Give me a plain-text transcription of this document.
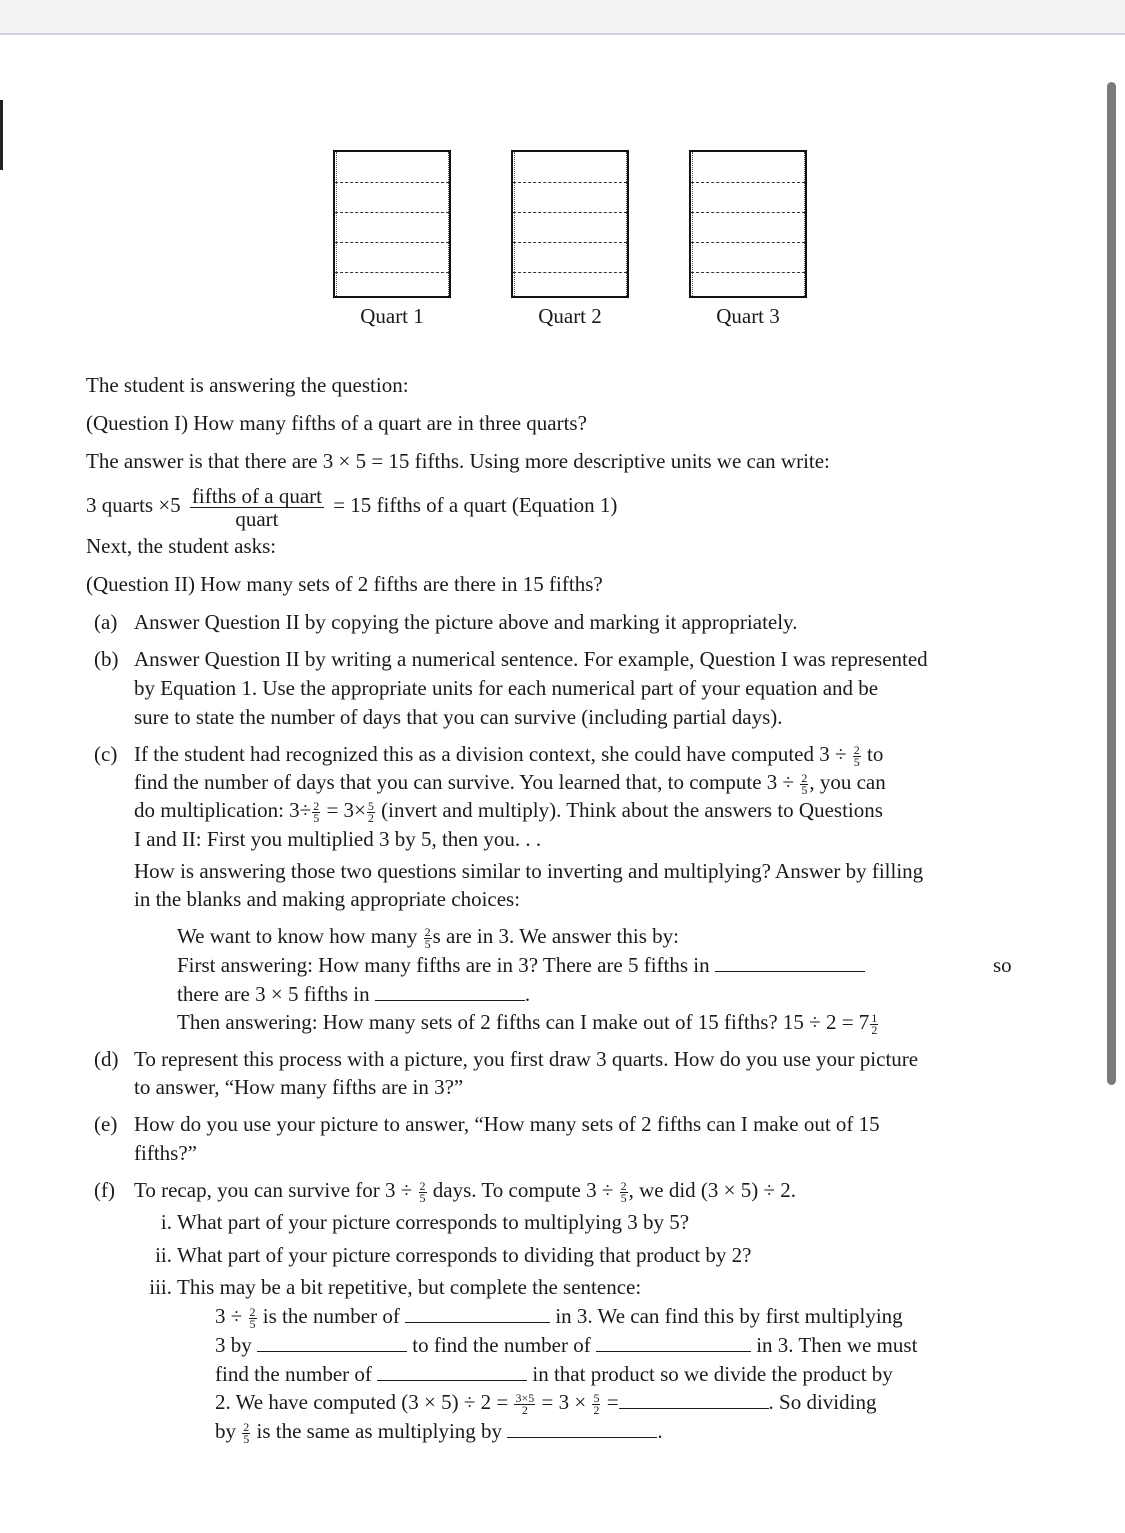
Quart 1	Quart 2	Quart 3
The student is answering the question:
(Question I) How many fifths of a quart are in three quarts?
The answer is that there are 3 × 5 = 15 fifths. Using more descriptive units we can write:
3 quarts ×5 fifths of a quart
quart
= 15 fifths of a quart (Equation 1)
Next, the student asks:
(Question II) How many sets of 2 fifths are there in 15 fifths?
(a) Answer Question II by copying the picture above and marking it appropriately.
(b) Answer Question II by writing a numerical sentence. For example, Question I was represented
by Equation 1. Use the appropriate units for each numerical part of your equation and be
sure to state the number of days that you can survive (including partial days).
(c) If the student had recognized this as a division context, she could have computed $3 \div \frac{2}{5}$ to
find the number of days that you can survive. You learned that, to compute $3 \div \frac{2}{5}$ , you can
do multiplication: $3\div \frac{2}{5} = 3\times \frac{5}{2}$ (invert and multiply). Think about the answers to Questions
I and II: First you multiplied 3 by 5, then you. . .
How is answering those two questions similar to inverting and multiplying? Answer by filling
in the blanks and making appropriate choices:
We want to know how many $\frac{2}{5}$ s are in 3. We answer this by:
First answering: How many fifths are in 3? There are 5 fifths in	so
there are 3 × 5 fifths in	.
Then answering: How many sets of 2 fifths can I make out of 15 fifths? $15 \div 2 = 7 \frac{1}{2}$
(d) To represent this process with a picture, you first draw 3 quarts. How do you use your picture
to answer, “How many fifths are in 3?”
(e) How do you use your picture to answer, “How many sets of 2 fifths can I make out of 15
fifths?”
(f) To recap, you can survive for $3 \div \frac{2}{5}$ days. To compute $3 \div \frac{2}{5}$ , we did (3 × 5) ÷ 2.
i. What part of your picture corresponds to multiplying 3 by 5?
ii. What part of your picture corresponds to dividing that product by 2?
iii. This may be a bit repetitive, but complete the sentence:
$3 \div \frac{2}{5}$ is the number of	in 3. We can find this by first multiplying
3 by	to find the number of	in 3. Then we must
find the number of	in that product so we divide the product by
2. We have computed $(3 \times 5) \div 2 = \frac{3\times 5}{2} = 3 \times \frac{5}{2}$ =	. So dividing
by $\frac{2}{5}$ is the same as multiplying by	.
